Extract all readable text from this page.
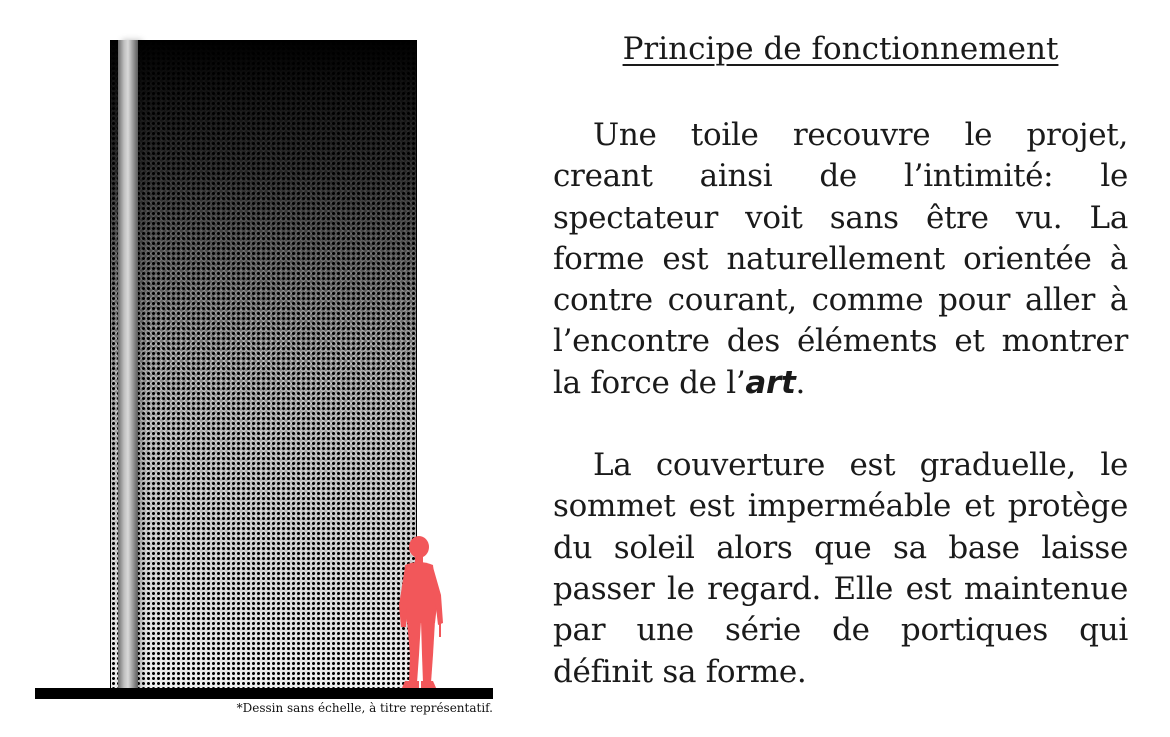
*Dessin sans échelle, à titre représentatif.
Principe de fonctionnement

Une toile recouvre le projet, creant ainsi de l’intimité: le spectateur voit sans être vu. La forme est naturellement orientée à contre courant, comme pour aller à l’encontre des éléments et montrer la force de l’art.

La couverture est graduelle, le sommet est imperméable et protège du soleil alors que sa base laisse passer le regard. Elle est maintenue par une série de portiques qui définit sa forme.
